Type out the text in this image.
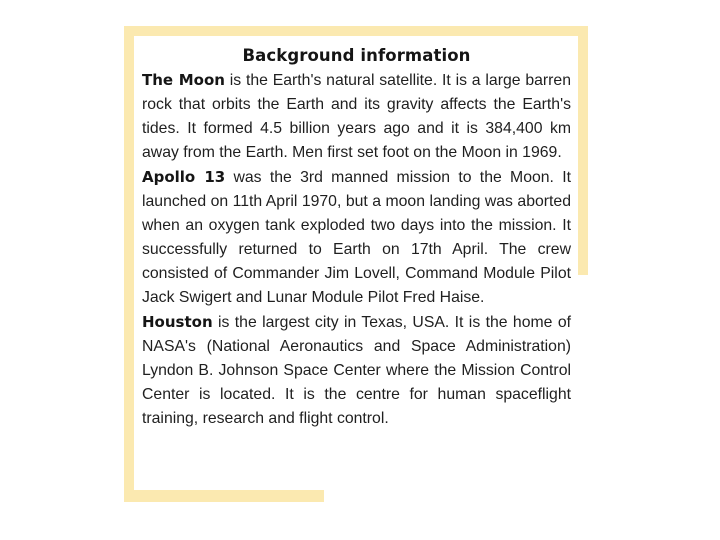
Background information

The Moon is the Earth's natural satellite. It is a large barren rock that orbits the Earth and its gravity affects the Earth's tides. It formed 4.5 billion years ago and it is 384,400 km away from the Earth. Men first set foot on the Moon in 1969.

Apollo 13 was the 3rd manned mission to the Moon. It launched on 11th April 1970, but a moon landing was aborted when an oxygen tank exploded two days into the mission. It successfully returned to Earth on 17th April. The crew consisted of Commander Jim Lovell, Command Module Pilot Jack Swigert and Lunar Module Pilot Fred Haise.

Houston is the largest city in Texas, USA. It is the home of NASA's (National Aeronautics and Space Administration) Lyndon B. Johnson Space Center where the Mission Control Center is located. It is the centre for human spaceflight training, research and flight control.
